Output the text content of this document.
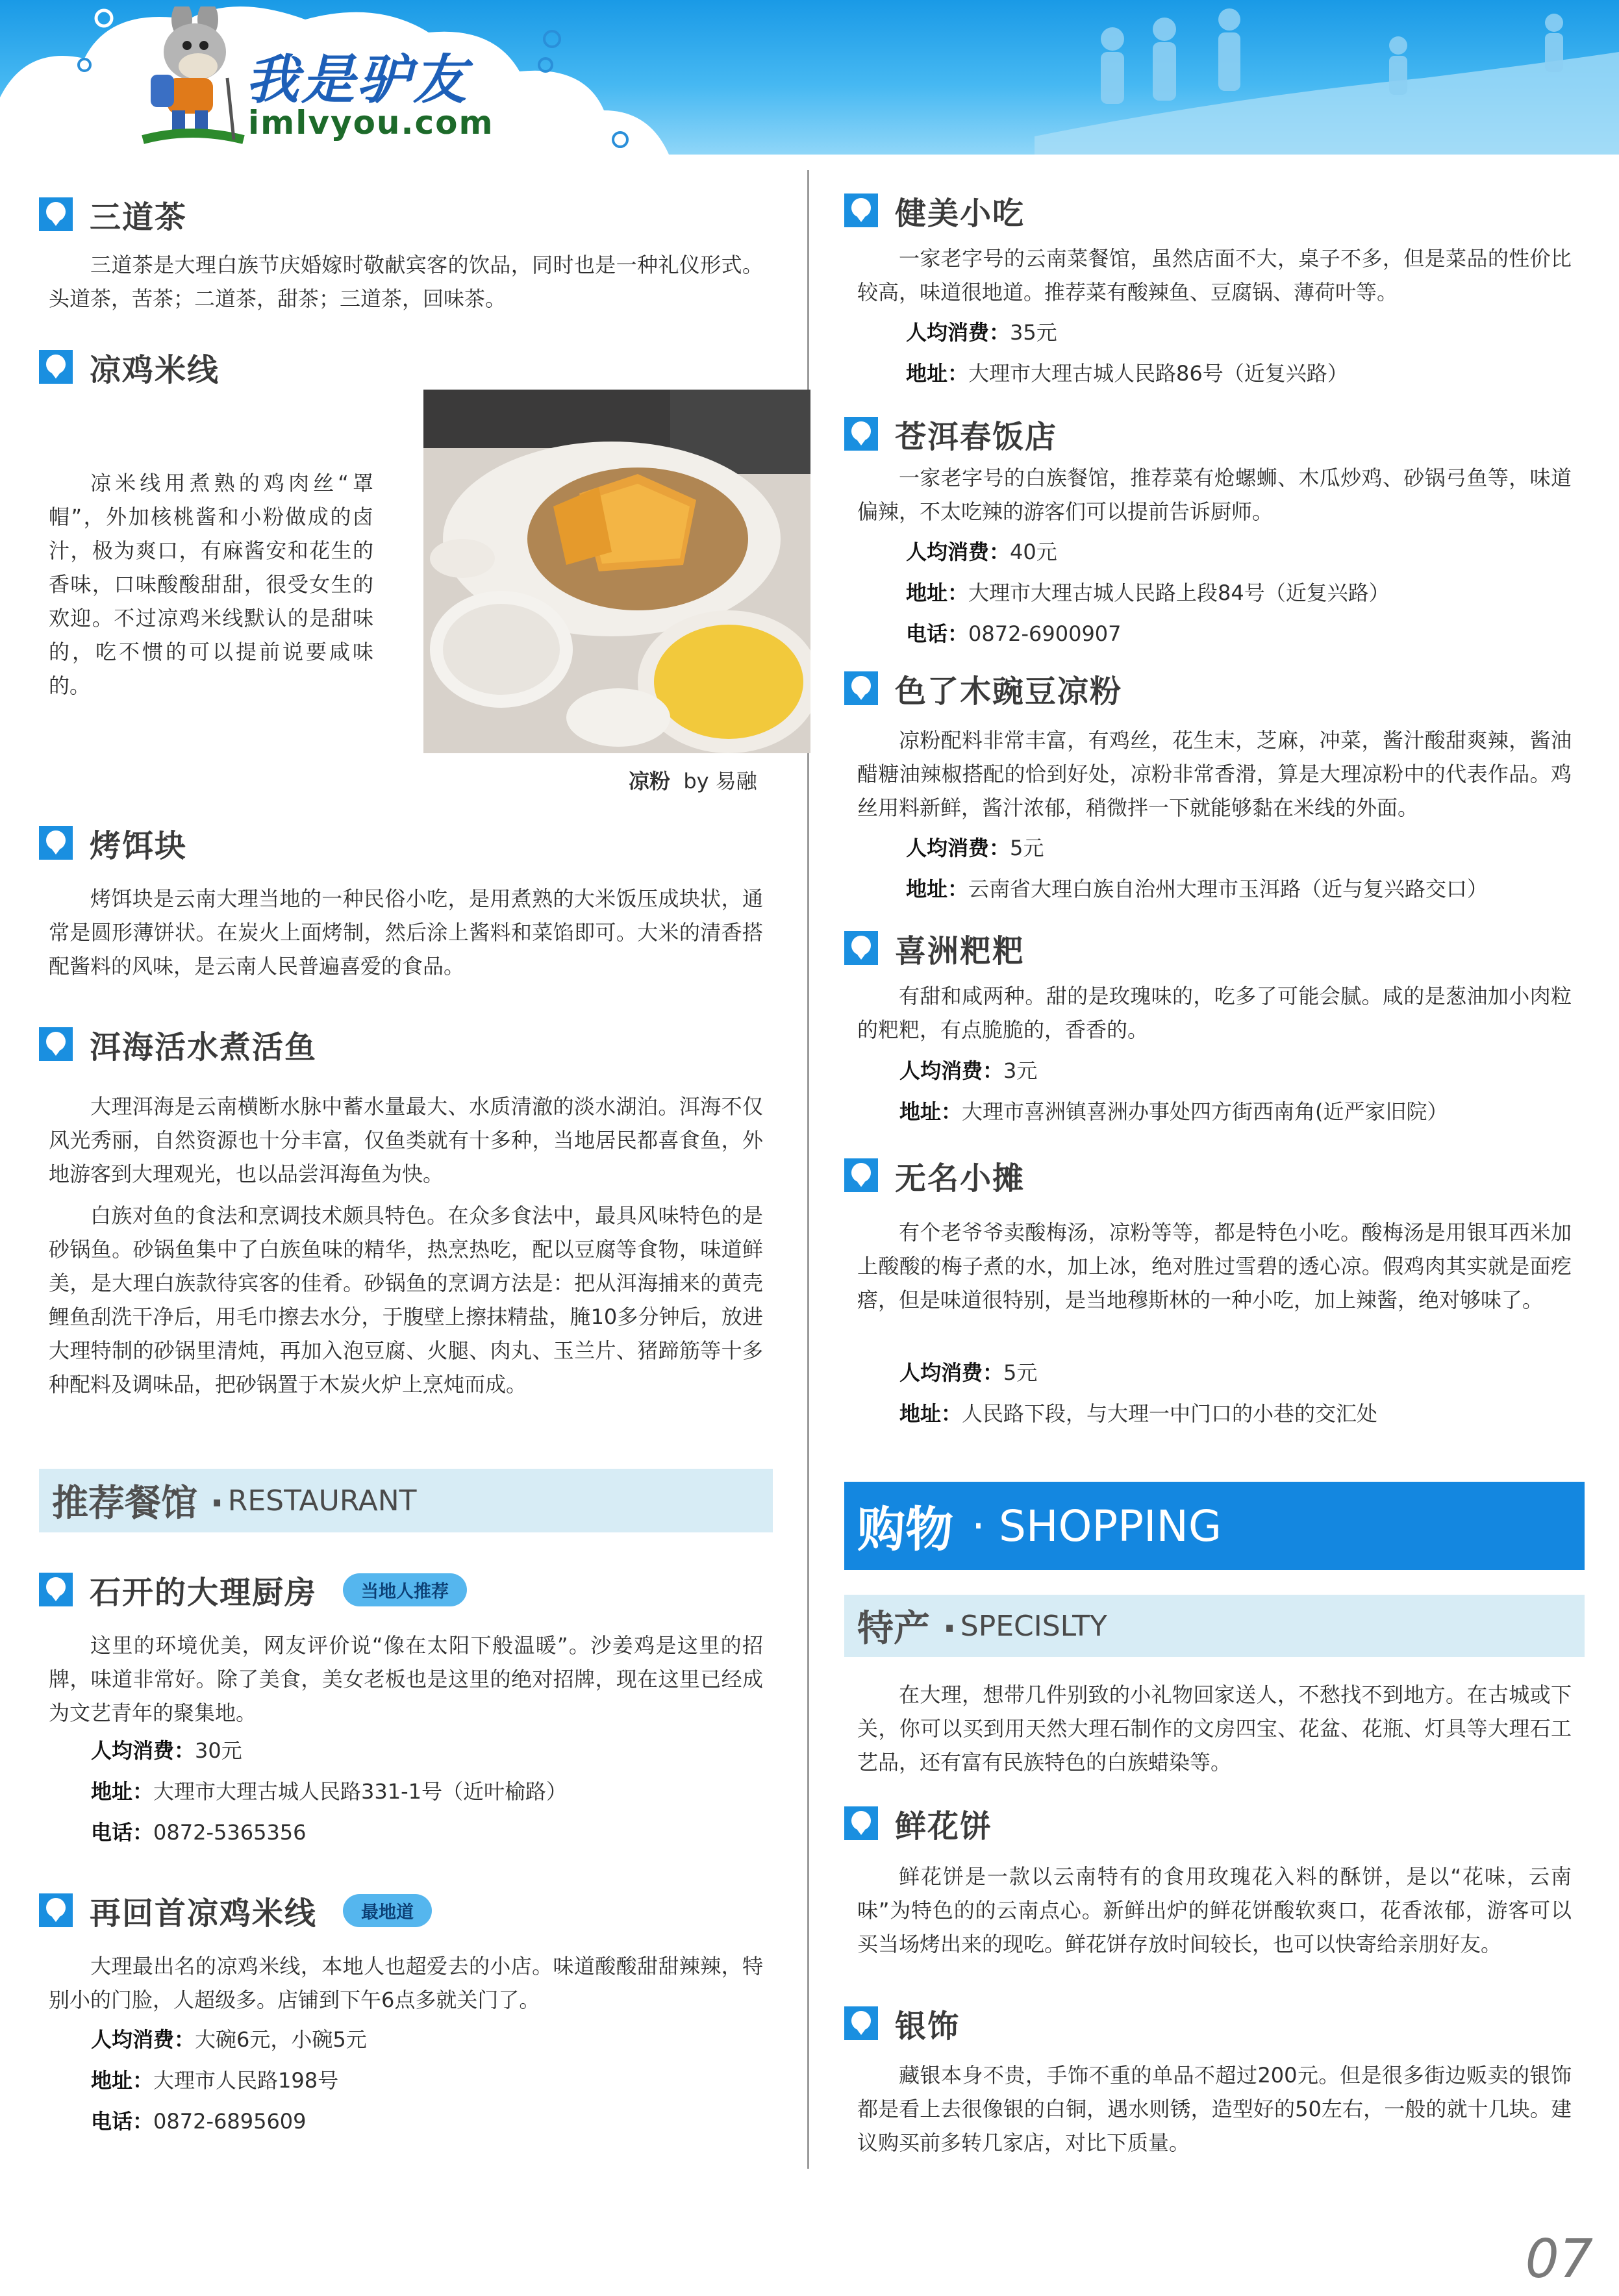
我是驴友
imlvyou.com
三道茶
三道茶是大理白族节庆婚嫁时敬献宾客的饮品，同时也是一种礼仪形式。头道茶，苦茶；二道茶，甜茶；三道茶，回味茶。
凉鸡米线
凉米线用煮熟的鸡肉丝“罩帽”，外加核桃酱和小粉做成的卤汁，极为爽口，有麻酱安和花生的香味，口味酸酸甜甜，很受女生的欢迎。不过凉鸡米线默认的是甜味的，吃不惯的可以提前说要咸味的。
凉粉 by 易融
烤饵块
烤饵块是云南大理当地的一种民俗小吃，是用煮熟的大米饭压成块状，通常是圆形薄饼状。在炭火上面烤制，然后涂上酱料和菜馅即可。大米的清香搭配酱料的风味，是云南人民普遍喜爱的食品。
洱海活水煮活鱼
大理洱海是云南横断水脉中蓄水量最大、水质清澈的淡水湖泊。洱海不仅风光秀丽，自然资源也十分丰富，仅鱼类就有十多种，当地居民都喜食鱼，外地游客到大理观光，也以品尝洱海鱼为快。
白族对鱼的食法和烹调技术颇具特色。在众多食法中，最具风味特色的是砂锅鱼。砂锅鱼集中了白族鱼味的精华，热烹热吃，配以豆腐等食物，味道鲜美，是大理白族款待宾客的佳肴。砂锅鱼的烹调方法是：把从洱海捕来的黄壳鲤鱼刮洗干净后，用毛巾擦去水分，于腹壁上擦抹精盐，腌10多分钟后，放进大理特制的砂锅里清炖，再加入泡豆腐、火腿、肉丸、玉兰片、猪蹄筋等十多种配料及调味品，把砂锅置于木炭火炉上烹炖而成。
推荐餐馆 · RESTAURANT
石开的大理厨房	当地人推荐
这里的环境优美，网友评价说“像在太阳下般温暖”。沙姜鸡是这里的招牌，味道非常好。除了美食，美女老板也是这里的绝对招牌，现在这里已经成为文艺青年的聚集地。
人均消费：30元
地址：大理市大理古城人民路331-1号（近叶榆路）
电话：0872-5365356
再回首凉鸡米线	最地道
大理最出名的凉鸡米线，本地人也超爱去的小店。味道酸酸甜甜辣辣，特别小的门脸，人超级多。店铺到下午6点多就关门了。
人均消费：大碗6元，小碗5元
地址：大理市人民路198号
电话：0872-6895609
健美小吃
一家老字号的云南菜餐馆，虽然店面不大，桌子不多，但是菜品的性价比较高，味道很地道。推荐菜有酸辣鱼、豆腐锅、薄荷叶等。
人均消费：35元
地址：大理市大理古城人民路86号（近复兴路）
苍洱春饭店
一家老字号的白族餐馆，推荐菜有炝螺蛳、木瓜炒鸡、砂锅弓鱼等，味道偏辣，不太吃辣的游客们可以提前告诉厨师。
人均消费：40元
地址：大理市大理古城人民路上段84号（近复兴路）
电话：0872-6900907
色了木豌豆凉粉
凉粉配料非常丰富，有鸡丝，花生末，芝麻，冲菜，酱汁酸甜爽辣，酱油醋糖油辣椒搭配的恰到好处，凉粉非常香滑，算是大理凉粉中的代表作品。鸡丝用料新鲜，酱汁浓郁，稍微拌一下就能够黏在米线的外面。
人均消费：5元
地址：云南省大理白族自治州大理市玉洱路（近与复兴路交口）
喜洲粑粑
有甜和咸两种。甜的是玫瑰味的，吃多了可能会腻。咸的是葱油加小肉粒的粑粑，有点脆脆的，香香的。
人均消费：3元
地址：大理市喜洲镇喜洲办事处四方街西南角(近严家旧院）
无名小摊
有个老爷爷卖酸梅汤，凉粉等等，都是特色小吃。酸梅汤是用银耳西米加上酸酸的梅子煮的水，加上冰，绝对胜过雪碧的透心凉。假鸡肉其实就是面疙瘩，但是味道很特别，是当地穆斯林的一种小吃，加上辣酱，绝对够味了。
人均消费：5元
地址：人民路下段，与大理一中门口的小巷的交汇处
购物 · SHOPPING
特产 · SPECISLTY
在大理，想带几件别致的小礼物回家送人，不愁找不到地方。在古城或下关，你可以买到用天然大理石制作的文房四宝、花盆、花瓶、灯具等大理石工艺品，还有富有民族特色的白族蜡染等。
鲜花饼
鲜花饼是一款以云南特有的食用玫瑰花入料的酥饼，是以“花味，云南味”为特色的的云南点心。新鲜出炉的鲜花饼酸软爽口，花香浓郁，游客可以买当场烤出来的现吃。鲜花饼存放时间较长，也可以快寄给亲朋好友。
银饰
藏银本身不贵，手饰不重的单品不超过200元。但是很多街边贩卖的银饰都是看上去很像银的白铜，遇水则锈，造型好的50左右，一般的就十几块。建议购买前多转几家店，对比下质量。
07
